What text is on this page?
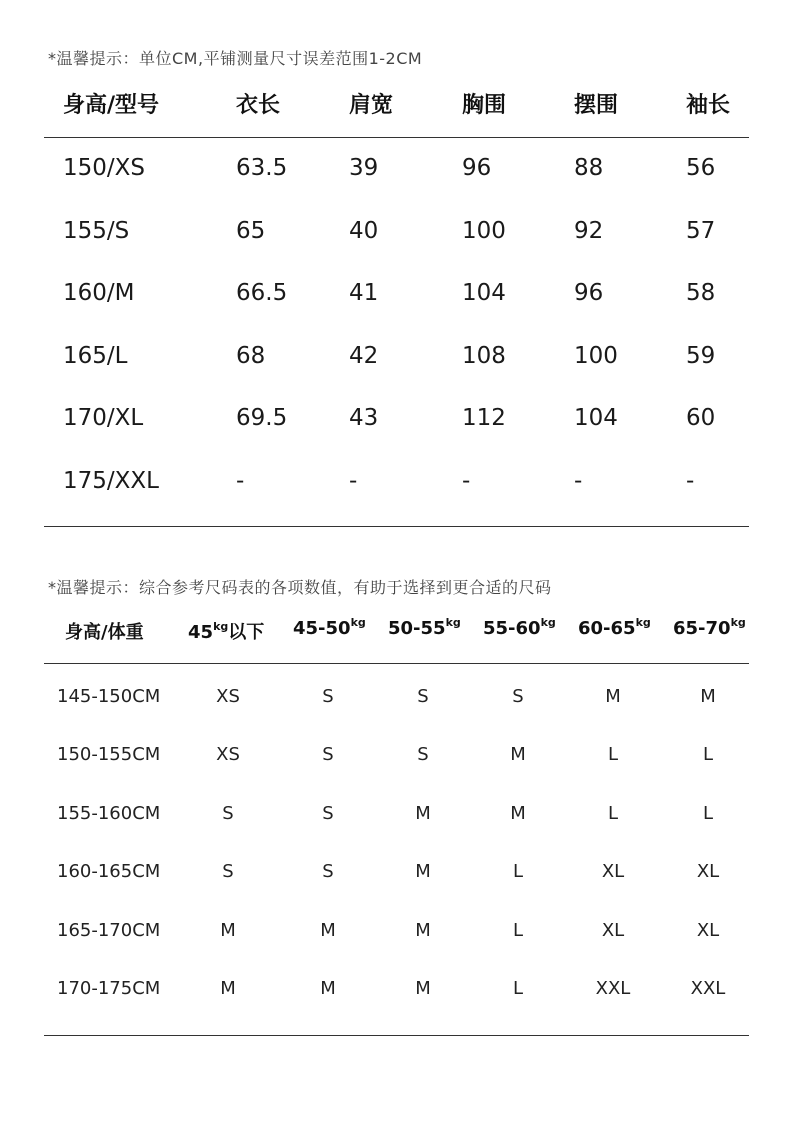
*温馨提示：单位CM,平铺测量尺寸误差范围1-2CM
身高/型号	衣长	肩宽	胸围	摆围	袖长
150/XS	63.5	39	96	88	56
155/S	65	40	100	92	57
160/M	66.5	41	104	96	58
165/L	68	42	108	100	59
170/XL	69.5	43	112	104	60
175/XXL	-	-	-	-	-
*温馨提示：综合参考尺码表的各项数值，有助于选择到更合适的尺码
身高/体重 $45^{kg}$以下 $45-50^{kg}$ $50-55^{kg}$ $55-60^{kg}$ $60-65^{kg}$ $65-70^{kg}$
145-150CM	XS	S	S	S	M	M
150-155CM	XS	S	S	M	L	L
155-160CM	S	S	M	M	L	L
160-165CM	S	S	M	L	XL	XL
165-170CM	M	M	M	L	XL	XL
170-175CM	M	M	M	L	XXL	XXL
